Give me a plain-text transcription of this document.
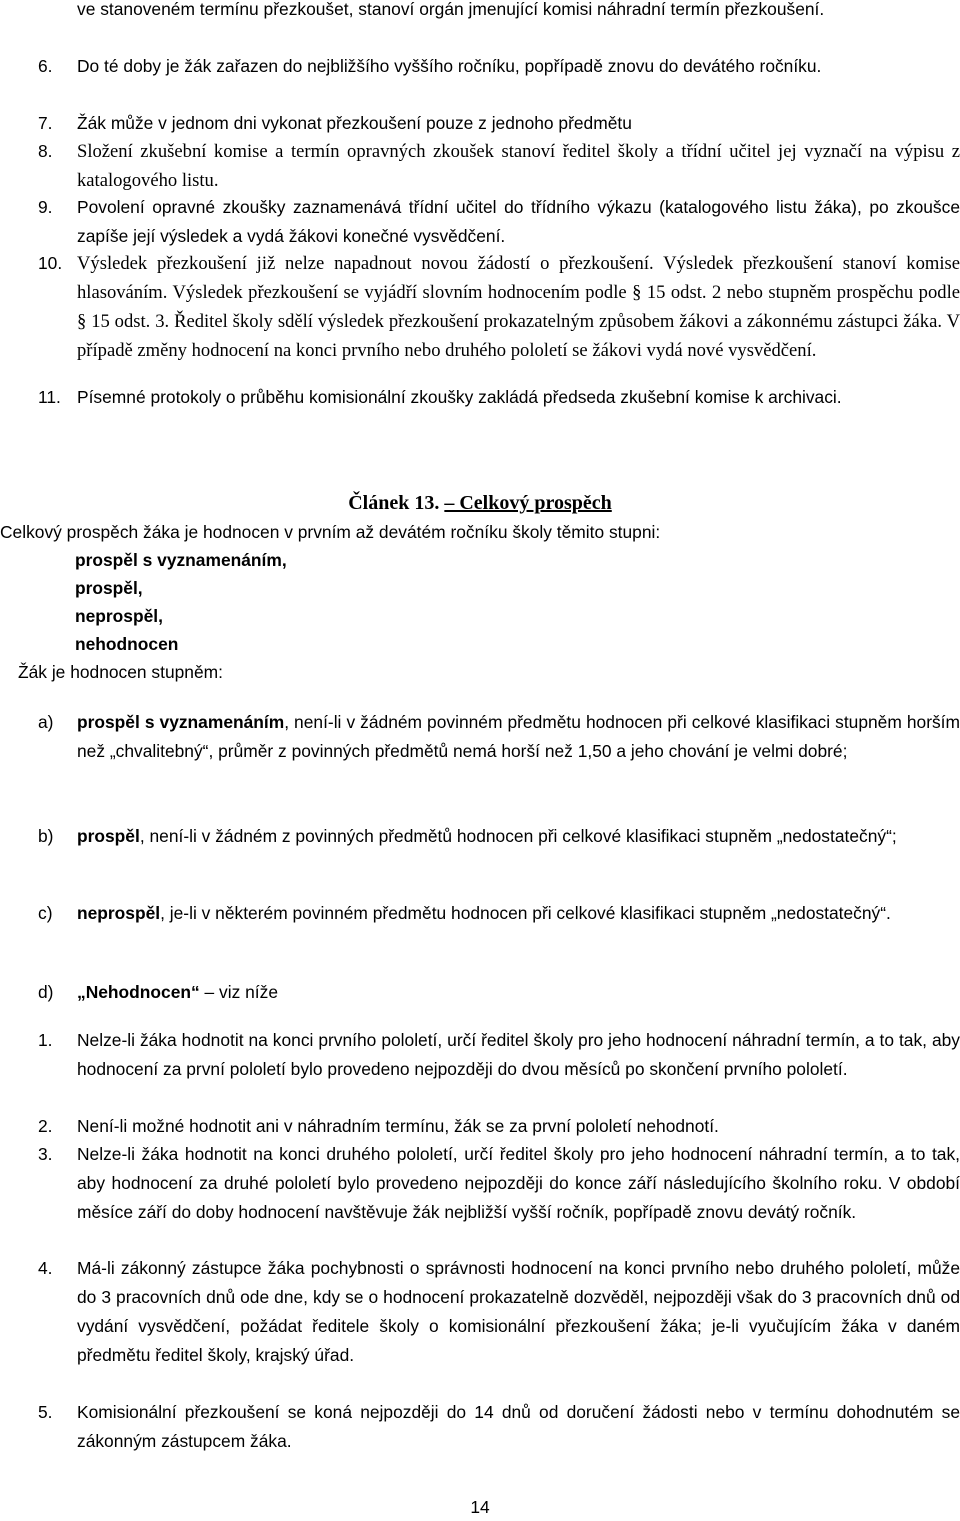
ve stanoveném termínu přezkoušet, stanoví orgán jmenující komisi náhradní termín přezkoušení.
6. Do té doby je žák zařazen do nejbližšího vyššího ročníku, popřípadě znovu do devátého ročníku.
7. Žák může v jednom dni vykonat přezkoušení pouze z jednoho předmětu
8. Složení zkušební komise a termín opravných zkoušek stanoví ředitel školy a třídní učitel jej vyznačí na výpisu z katalogového listu.
9. Povolení opravné zkoušky zaznamenává třídní učitel do třídního výkazu (katalogového listu žáka), po zkoušce zapíše její výsledek a vydá žákovi konečné vysvědčení.
10. Výsledek přezkoušení již nelze napadnout novou žádostí o přezkoušení. Výsledek přezkoušení stanoví komise hlasováním. Výsledek přezkoušení se vyjádří slovním hodnocením podle § 15 odst. 2 nebo stupněm prospěchu podle § 15 odst. 3. Ředitel školy sdělí výsledek přezkoušení prokazatelným způsobem žákovi a zákonnému zástupci žáka. V případě změny hodnocení na konci prvního nebo druhého pololetí se žákovi vydá nové vysvědčení.
11. Písemné protokoly o průběhu komisionální zkoušky zakládá předseda zkušební komise k archivaci.
Článek 13. – Celkový prospěch
Celkový prospěch žáka je hodnocen v prvním až devátém ročníku školy těmito stupni:
prospěl s vyznamenáním,
prospěl,
neprospěl,
nehodnocen
Žák je hodnocen stupněm:
a) prospěl s vyznamenáním, není-li v žádném povinném předmětu hodnocen při celkové klasifikaci stupněm horším než „chvalitebný“, průměr z povinných předmětů nemá horší než 1,50 a jeho chování je velmi dobré;
b) prospěl, není-li v žádném z povinných předmětů hodnocen při celkové klasifikaci stupněm „nedostatečný“;
c) neprospěl, je-li v některém povinném předmětu hodnocen při celkové klasifikaci stupněm „nedostatečný“.
d) „Nehodnocen“ – viz níže
1. Nelze-li žáka hodnotit na konci prvního pololetí, určí ředitel školy pro jeho hodnocení náhradní termín, a to tak, aby hodnocení za první pololetí bylo provedeno nejpozději do dvou měsíců po skončení prvního pololetí.
2. Není-li možné hodnotit ani v náhradním termínu, žák se za první pololetí nehodnotí.
3. Nelze-li žáka hodnotit na konci druhého pololetí, určí ředitel školy pro jeho hodnocení náhradní termín, a to tak, aby hodnocení za druhé pololetí bylo provedeno nejpozději do konce září následujícího školního roku. V období měsíce září do doby hodnocení navštěvuje žák nejbližší vyšší ročník, popřípadě znovu devátý ročník.
4. Má-li zákonný zástupce žáka pochybnosti o správnosti hodnocení na konci prvního nebo druhého pololetí, může do 3 pracovních dnů ode dne, kdy se o hodnocení prokazatelně dozvěděl, nejpozději však do 3 pracovních dnů od vydání vysvědčení, požádat ředitele školy o komisionální přezkoušení žáka; je-li vyučujícím žáka v daném předmětu ředitel školy, krajský úřad.
5. Komisionální přezkoušení se koná nejpozději do 14 dnů od doručení žádosti nebo v termínu dohodnutém se zákonným zástupcem žáka.
14
